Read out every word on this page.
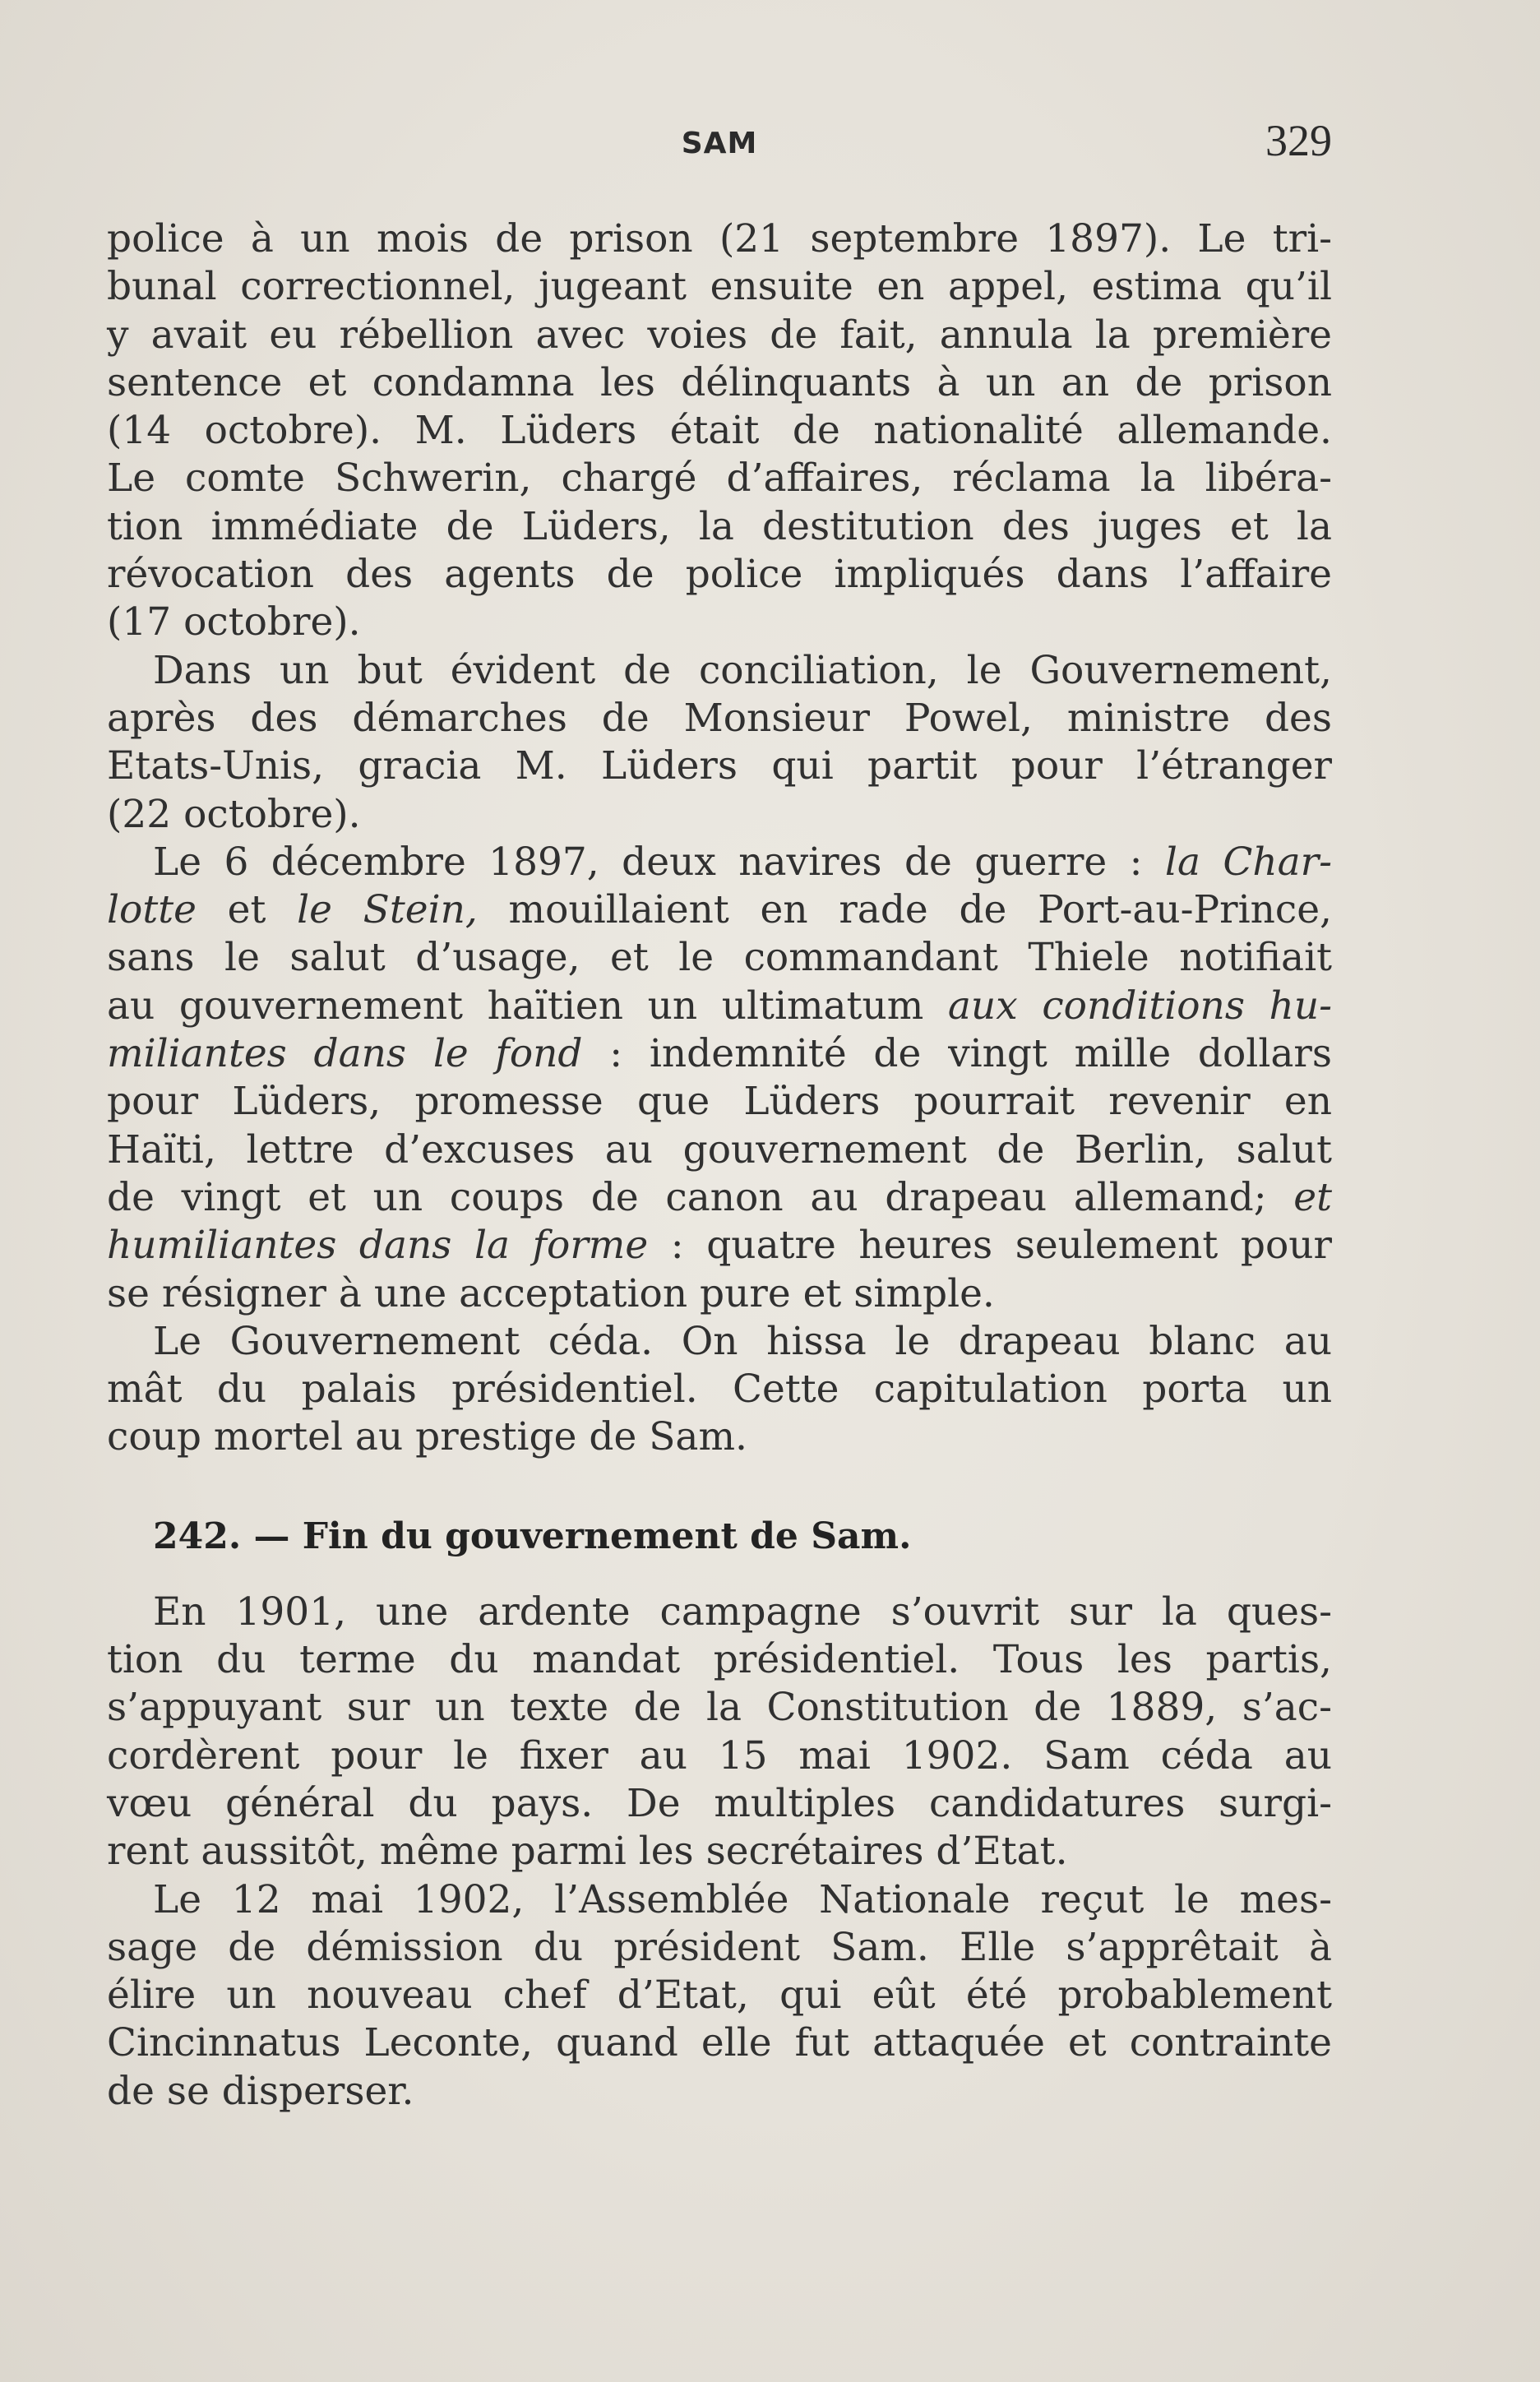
SAM	329
police à un mois de prison (21 septembre 1897). Le tri-
bunal correctionnel, jugeant ensuite en appel, estima qu’il
y avait eu rébellion avec voies de fait, annula la première
sentence et condamna les délinquants à un an de prison
(14 octobre). M. Lüders était de nationalité allemande.
Le comte Schwerin, chargé d’affaires, réclama la libéra-
tion immédiate de Lüders, la destitution des juges et la
révocation des agents de police impliqués dans l’affaire
(17 octobre).
Dans un but évident de conciliation, le Gouvernement,
après des démarches de Monsieur Powel, ministre des
Etats-Unis, gracia M. Lüders qui partit pour l’étranger
(22 octobre).
Le 6 décembre 1897, deux navires de guerre : la Char-
lotte et le Stein, mouillaient en rade de Port-au-Prince,
sans le salut d’usage, et le commandant Thiele notifiait
au gouvernement haïtien un ultimatum aux conditions hu-
miliantes dans le fond : indemnité de vingt mille dollars
pour Lüders, promesse que Lüders pourrait revenir en
Haïti, lettre d’excuses au gouvernement de Berlin, salut
de vingt et un coups de canon au drapeau allemand; et
humiliantes dans la forme : quatre heures seulement pour
se résigner à une acceptation pure et simple.
Le Gouvernement céda. On hissa le drapeau blanc au
mât du palais présidentiel. Cette capitulation porta un
coup mortel au prestige de Sam.
242. — Fin du gouvernement de Sam.
En 1901, une ardente campagne s’ouvrit sur la ques-
tion du terme du mandat présidentiel. Tous les partis,
s’appuyant sur un texte de la Constitution de 1889, s’ac-
cordèrent pour le fixer au 15 mai 1902. Sam céda au
vœu général du pays. De multiples candidatures surgi-
rent aussitôt, même parmi les secrétaires d’Etat.
Le 12 mai 1902, l’Assemblée Nationale reçut le mes-
sage de démission du président Sam. Elle s’apprêtait à
élire un nouveau chef d’Etat, qui eût été probablement
Cincinnatus Leconte, quand elle fut attaquée et contrainte
de se disperser.
